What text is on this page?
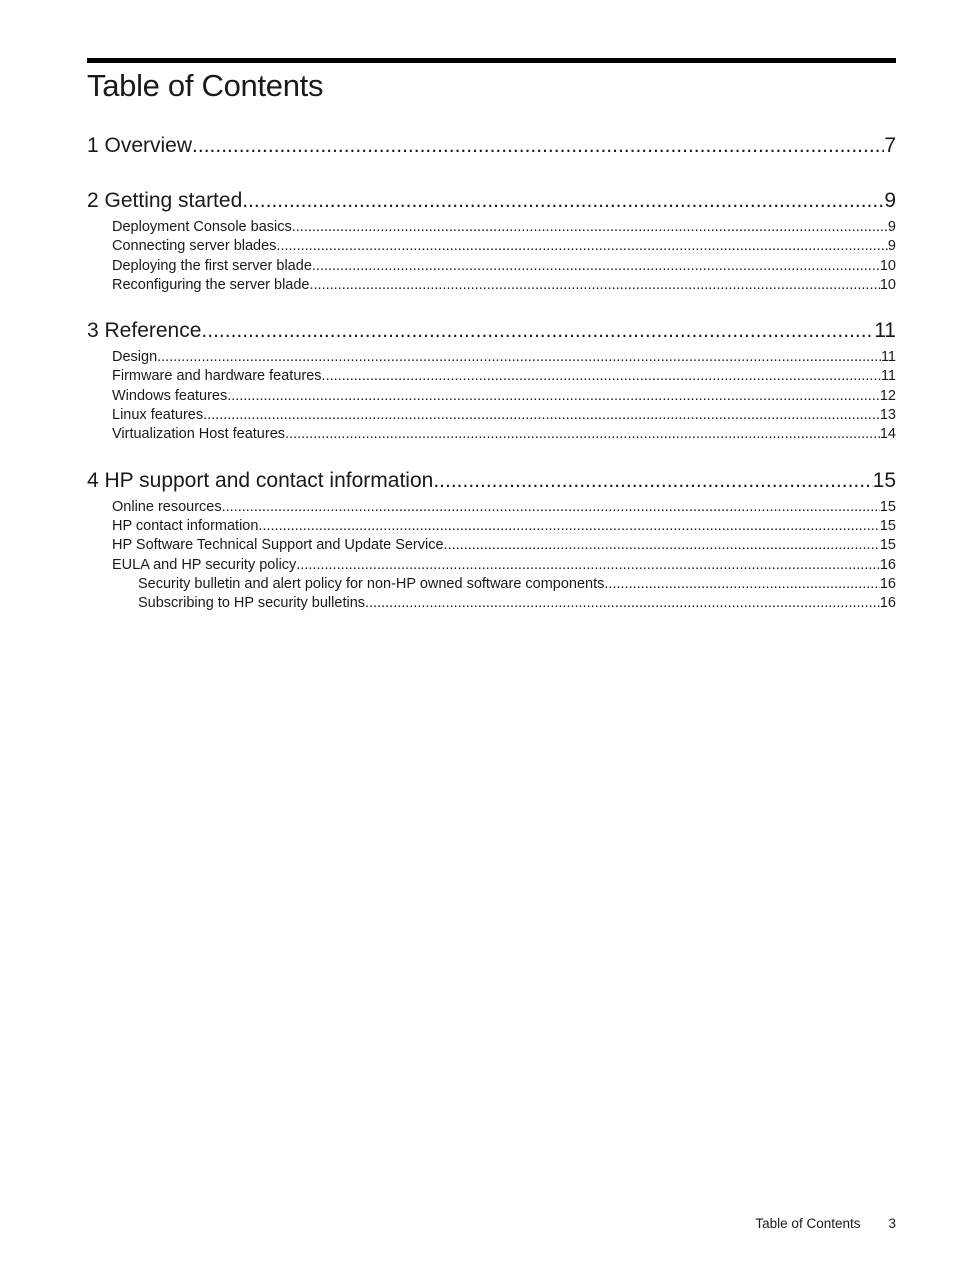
Table of Contents
1 Overview .....	7
2 Getting started .....	9
Deployment Console basics .....	9
Connecting server blades .....	9
Deploying the first server blade .....	10
Reconfiguring the server blade .....	10
3 Reference .....	11
Design .....	11
Firmware and hardware features .....	11
Windows features .....	12
Linux features .....	13
Virtualization Host features .....	14
4 HP support and contact information .....	15
Online resources .....	15
HP contact information .....	15
HP Software Technical Support and Update Service .....	15
EULA and HP security policy .....	16
Security bulletin and alert policy for non-HP owned software components .....	16
Subscribing to HP security bulletins .....	16
Table of Contents 3
